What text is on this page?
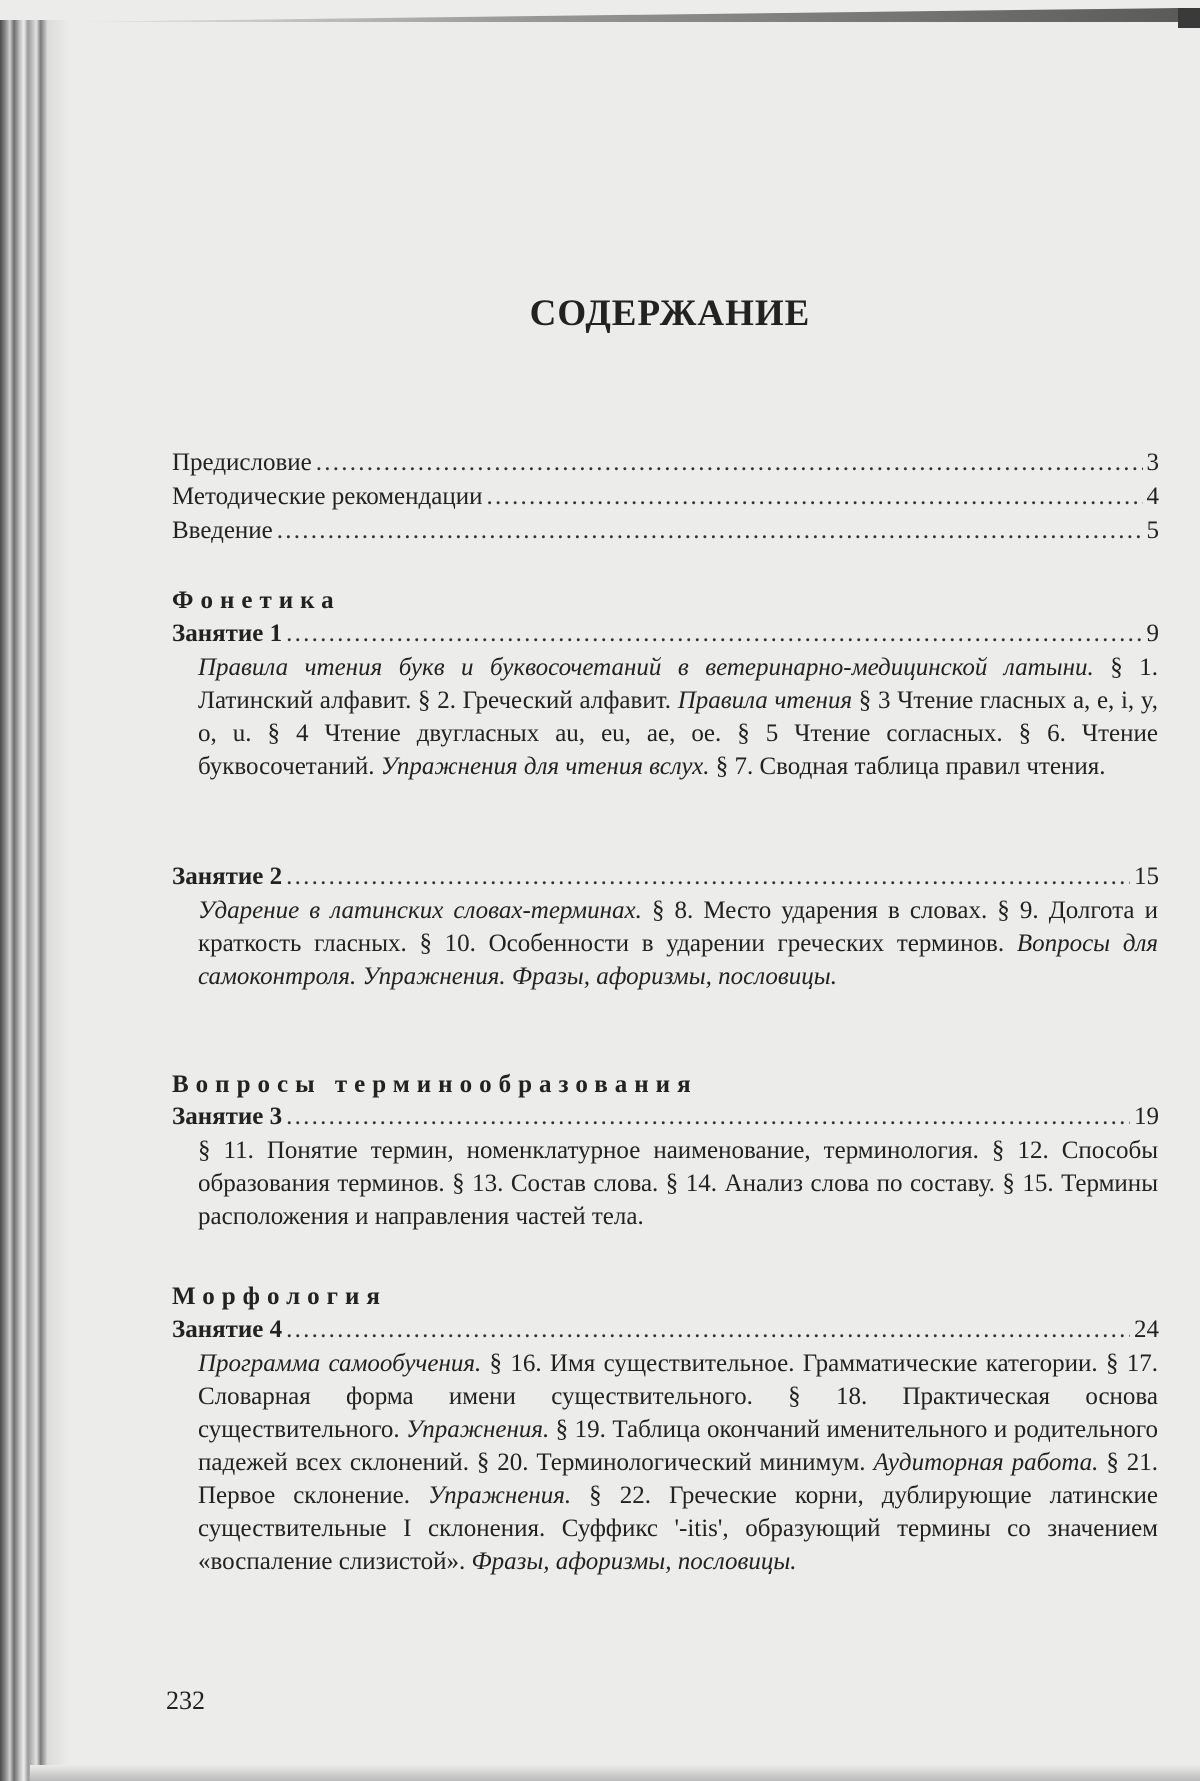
СОДЕРЖАНИЕ
Предисловие . . .	3
Методические рекомендации . . .	4
Введение . . .	5
Фонетика
Занятие 1 . . .	9
Правила чтения букв и буквосочетаний в ветеринарно-медицинской латыни. § 1. Латинский алфавит. § 2. Греческий алфавит. Правила чтения § 3 Чтение гласных a, e, i, y, o, u. § 4 Чтение двугласных au, eu, ae, oe. § 5 Чтение согласных. § 6. Чтение буквосочетаний. Упражнения для чтения вслух. § 7. Сводная таблица правил чтения.
Занятие 2 . . .	15
Ударение в латинских словах-терминах. § 8. Место ударения в словах. § 9. Долгота и краткость гласных. § 10. Особенности в ударении греческих терминов. Вопросы для самоконтроля. Упражнения. Фразы, афоризмы, пословицы.
Вопросы терминообразования
Занятие 3 . . .	19
§ 11. Понятие термин, номенклатурное наименование, терминология. § 12. Способы образования терминов. § 13. Состав слова. § 14. Анализ слова по составу. § 15. Термины расположения и направления частей тела.
Морфология
Занятие 4 . . .	24
Программа самообучения. § 16. Имя существительное. Грамматические категории. § 17. Словарная форма имени существительного. § 18. Практическая основа существительного. Упражнения. § 19. Таблица окончаний именительного и родительного падежей всех склонений. § 20. Терминологический минимум. Аудиторная работа. § 21. Первое склонение. Упражнения. § 22. Греческие корни, дублирующие латинские существительные I склонения. Суффикс '-itis', образующий термины со значением «воспаление слизистой». Фразы, афоризмы, пословицы.
232
